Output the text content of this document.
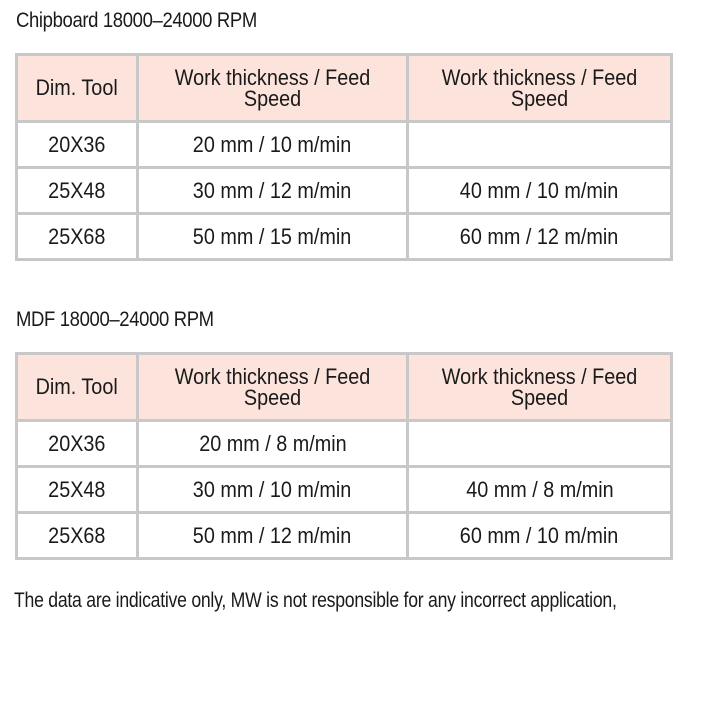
Chipboard 18000–24000 RPM
Dim. Tool	Work thickness / Feed Speed	Work thickness / Feed Speed
20X36	20 mm / 10 m/min	
25X48	30 mm / 12 m/min	40 mm / 10 m/min
25X68	50 mm / 15 m/min	60 mm / 12 m/min
MDF 18000–24000 RPM
Dim. Tool	Work thickness / Feed Speed	Work thickness / Feed Speed
20X36	20 mm / 8 m/min	
25X48	30 mm / 10 m/min	40 mm / 8 m/min
25X68	50 mm / 12 m/min	60 mm / 10 m/min
The data are indicative only, MW is not responsible for any incorrect application,
